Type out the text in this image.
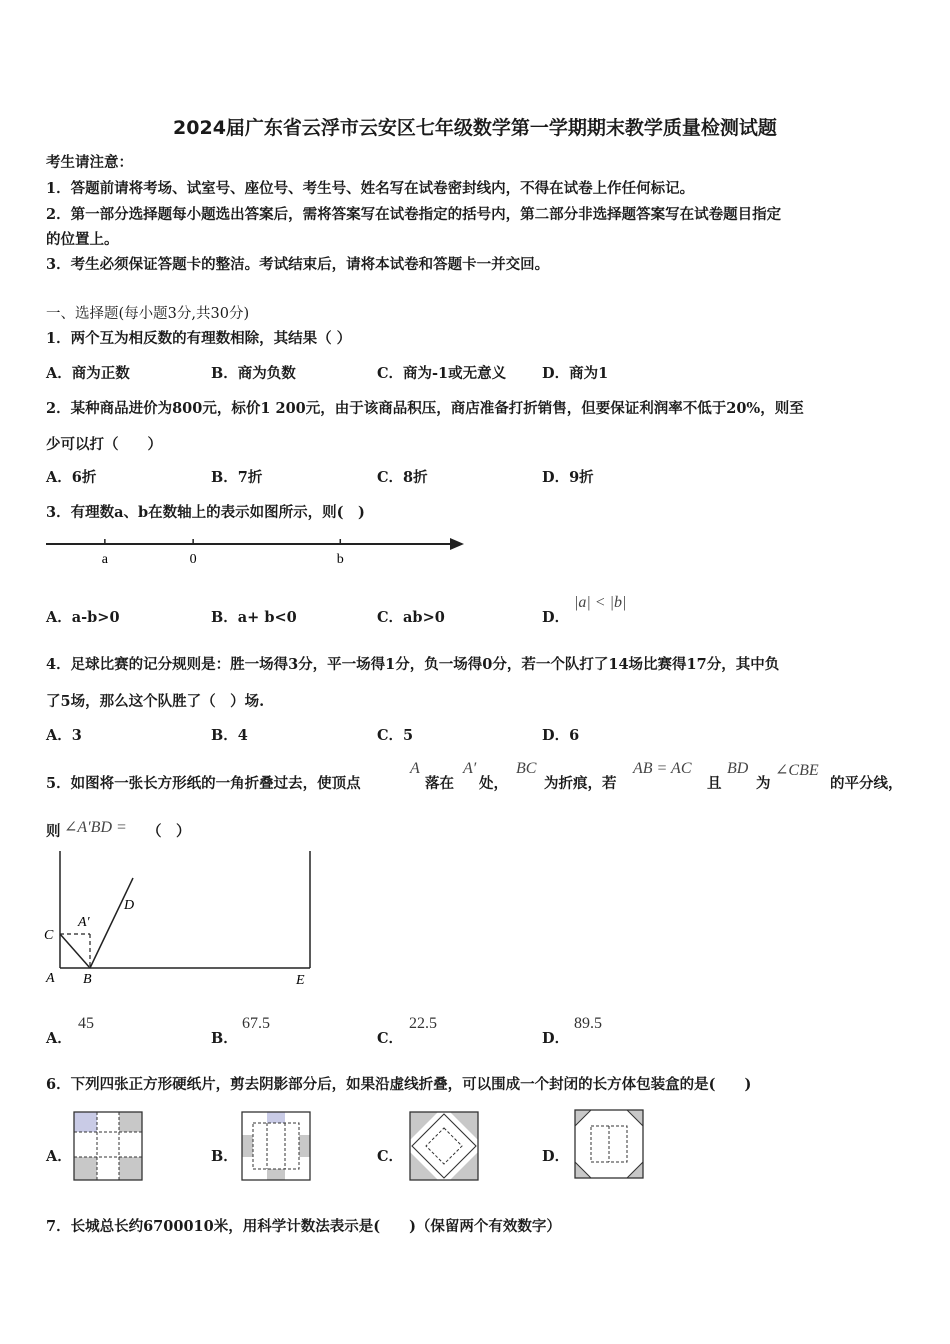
2024届广东省云浮市云安区七年级数学第一学期期末教学质量检测试题
考生请注意：
1．答题前请将考场、试室号、座位号、考生号、姓名写在试卷密封线内，不得在试卷上作任何标记。
2．第一部分选择题每小题选出答案后，需将答案写在试卷指定的括号内，第二部分非选择题答案写在试卷题目指定
的位置上。
3．考生必须保证答题卡的整洁。考试结束后，请将本试卷和答题卡一并交回。
一、选择题(每小题3分,共30分)
1．两个互为相反数的有理数相除，其结果（ ）
A．商为正数	B．商为负数	C．商为-1或无意义 D．商为1
2．某种商品进价为800元，标价1 200元，由于该商品积压，商店准备打折销售，但要保证利润率不低于20%，则至
少可以打（　　）
A．6折	B．7折	C．8折	D．9折
3．有理数a、b在数轴上的表示如图所示，则(　)
a	0	b
A．a-b>0	B．a+ b<0	C．ab>0	D．
|a| < |b|
4．足球比赛的记分规则是：胜一场得3分，平一场得1分，负一场得0分，若一个队打了14场比赛得17分，其中负
了5场，那么这个队胜了（　）场.
A．3	B．4	C．5	D．6
5．如图将一张长方形纸的一角折叠过去，使顶点
A
落在
A′
处，
BC
为折痕，若
AB = AC
且
BD
为
∠CBE
的平分线，
则 ∠A′BD = （　）
C
A′
D
A B	E
A．
45
B．
67.5
C．
22.5
D．
89.5
6．下列四张正方形硬纸片，剪去阴影部分后，如果沿虚线折叠，可以围成一个封闭的长方体包装盒的是(　　)
A．	B．	C．	D．
7．长城总长约6700010米，用科学计数法表示是(　　)（保留两个有效数字）
